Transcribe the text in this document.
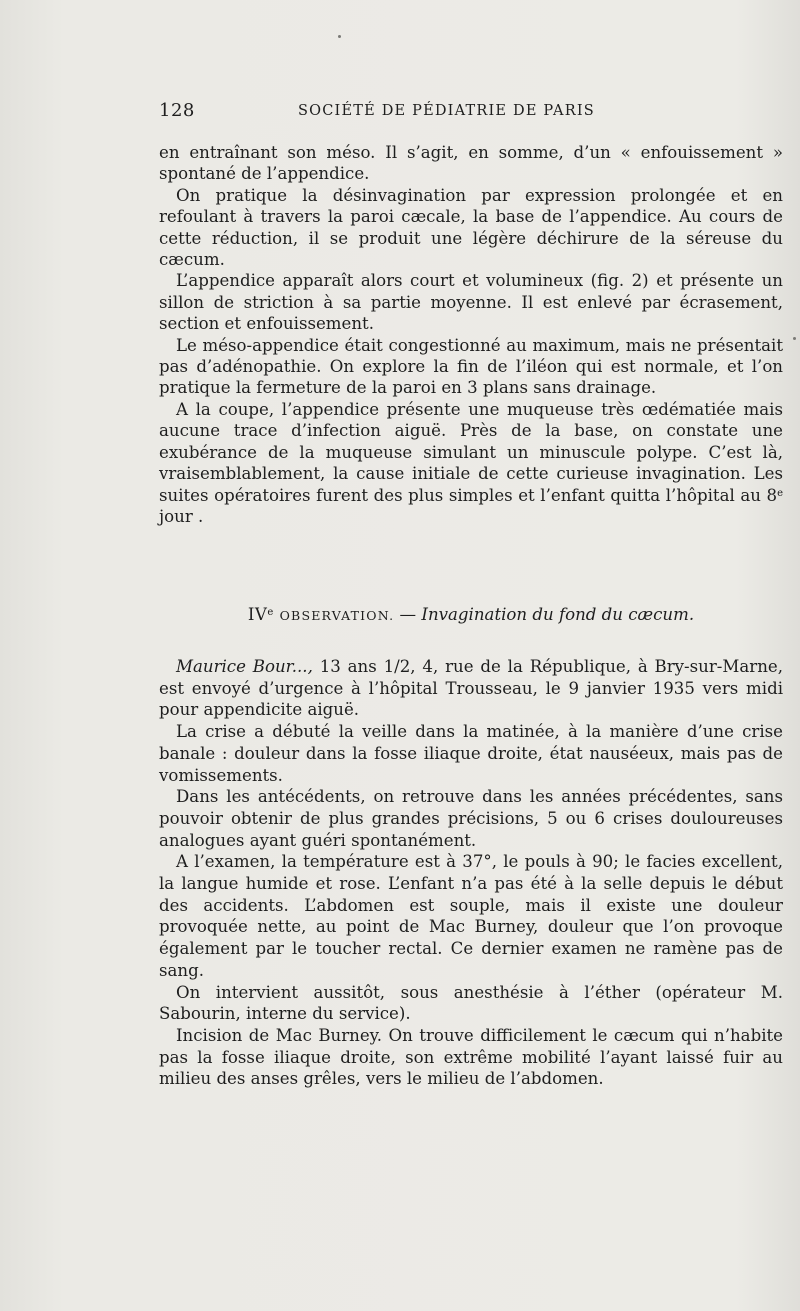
128	SOCIÉTÉ DE PÉDIATRIE DE PARIS

en entraînant son méso. Il s’agit, en somme, d’un « enfouissement » spontané de l’appendice.

On pratique la désinvagination par expression prolongée et en refoulant à travers la paroi cæcale, la base de l’appendice. Au cours de cette réduction, il se produit une légère déchirure de la séreuse du cæcum.

L’appendice apparaît alors court et volumineux (fig. 2) et présente un sillon de striction à sa partie moyenne. Il est enlevé par écrasement, section et enfouissement.

Le méso-appendice était congestionné au maximum, mais ne présentait pas d’adénopathie. On explore la fin de l’iléon qui est normale, et l’on pratique la fermeture de la paroi en 3 plans sans drainage.

A la coupe, l’appendice présente une muqueuse très œdématiée mais aucune trace d’infection aiguë. Près de la base, on constate une exubérance de la muqueuse simulant un minuscule polype. C’est là, vraisemblablement, la cause initiale de cette curieuse invagination. Les suites opératoires furent des plus simples et l’enfant quitta l’hôpital au 8e jour .

IVe OBSERVATION. — Invagination du fond du cæcum.

Maurice Bour..., 13 ans 1/2, 4, rue de la République, à Bry-sur-Marne, est envoyé d’urgence à l’hôpital Trousseau, le 9 janvier 1935 vers midi pour appendicite aiguë.

La crise a débuté la veille dans la matinée, à la manière d’une crise banale : douleur dans la fosse iliaque droite, état nauséeux, mais pas de vomissements.

Dans les antécédents, on retrouve dans les années précédentes, sans pouvoir obtenir de plus grandes précisions, 5 ou 6 crises douloureuses analogues ayant guéri spontanément.

A l’examen, la température est à 37°, le pouls à 90; le facies excellent, la langue humide et rose. L’enfant n’a pas été à la selle depuis le début des accidents. L’abdomen est souple, mais il existe une douleur provoquée nette, au point de Mac Burney, douleur que l’on provoque également par le toucher rectal. Ce dernier examen ne ramène pas de sang.

On intervient aussitôt, sous anesthésie à l’éther (opérateur M. Sabourin, interne du service).

Incision de Mac Burney. On trouve difficilement le cæcum qui n’habite pas la fosse iliaque droite, son extrême mobilité l’ayant laissé fuir au milieu des anses grêles, vers le milieu de l’abdomen.
